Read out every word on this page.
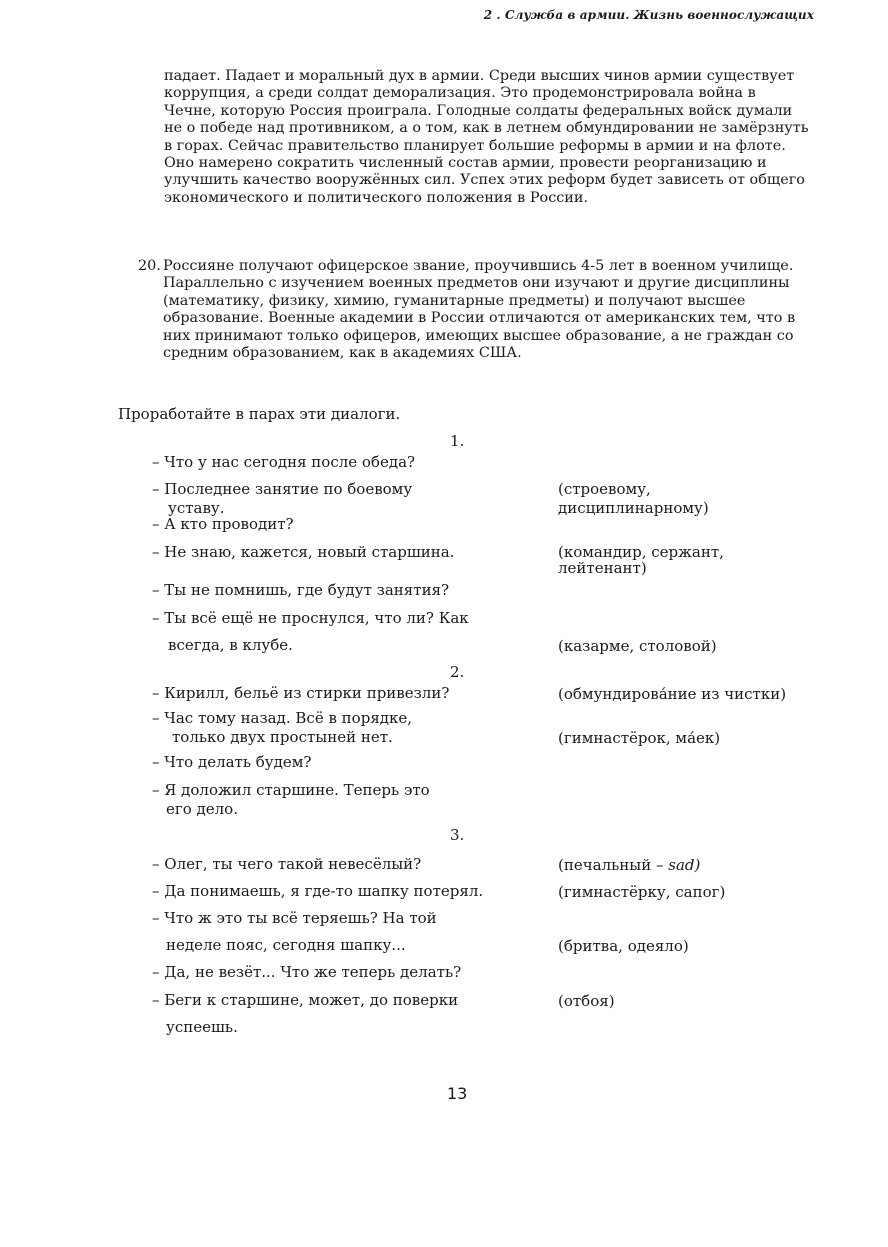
2 . Служба в армии. Жизнь военнослужащих

падает. Падает и моральный дух в армии. Среди высших чинов армии существует коррупция, а среди солдат деморализация. Это продемонстрировала война в Чечне, которую Россия проиграла. Голодные солдаты федеральных войск думали не о победе над противником, а о том, как в летнем обмундировании не замёрзнуть в горах. Сейчас правительство планирует большие реформы в армии и на флоте. Оно намерено сократить численный состав армии, провести реорганизацию и улучшить качество вооружённых сил. Успех этих реформ будет зависеть от общего экономического и политического положения в России.

20. Россияне получают офицерское звание, проучившись 4-5 лет в военном училище. Параллельно с изучением военных предметов они изучают и другие дисциплины (математику, физику, химию, гуманитарные предметы) и получают высшее образование. Военные академии в России отличаются от американских тем, что в них принимают только офицеров, имеющих высшее образование, а не граждан со средним образованием, как в академиях США.
Проработайте в парах эти диалоги.
1.
– Что у нас сегодня после обеда?
– Последнее занятие по боевому	(строевому,
уставу.	дисциплинарному)
– А кто проводит?
– Не знаю, кажется, новый старшина.	(командир, сержант,
лейтенант)
– Ты не помнишь, где будут занятия?
– Ты всё ещё не проснулся, что ли? Как
всегда, в клубе.	(казарме, столовой)
2.
– Кирилл, бельё из стирки привезли?	(обмундирова́ние из чистки)
– Час тому назад. Всё в порядке,
только двух простыней нет.	(гимнастёрок, ма́ек)
– Что делать будем?
– Я доложил старшине. Теперь это
его дело.
3.
– Олег, ты чего такой невесёлый?	(печальный – sad)
– Да понимаешь, я где-то шапку потерял.	(гимнастёрку, сапог)
– Что ж это ты всё теряешь? На той
неделе пояс, сегодня шапку...	(бритва, одеяло)
– Да, не везёт... Что же теперь делать?
– Беги к старшине, может, до поверки	(отбоя)
успеешь.
13
